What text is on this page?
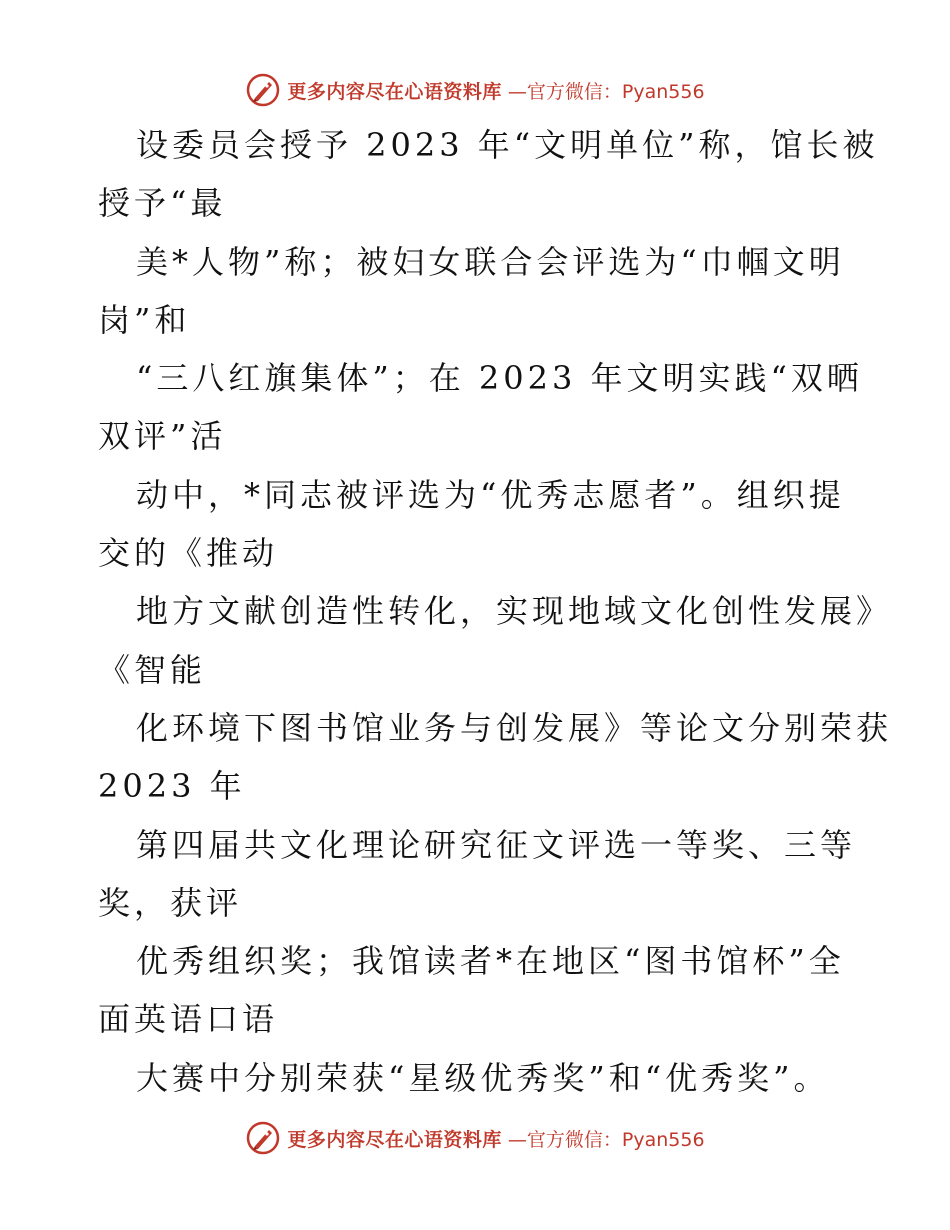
更多内容尽在心语资料库 —官方微信：Pyan556
设委员会授予 2023 年“文明单位”称，馆长被
授予“最
美*人物”称；被妇女联合会评选为“巾帼文明
岗”和
“三八红旗集体”；在 2023 年文明实践“双晒
双评”活
动中，*同志被评选为“优秀志愿者”。组织提
交的《推动
地方文献创造性转化，实现地域文化创性发展》
《智能
化环境下图书馆业务与创发展》等论文分别荣获
2023 年
第四届共文化理论研究征文评选一等奖、三等
奖，获评
优秀组织奖；我馆读者*在地区“图书馆杯”全
面英语口语
大赛中分别荣获“星级优秀奖”和“优秀奖”。
更多内容尽在心语资料库 —官方微信：Pyan556
